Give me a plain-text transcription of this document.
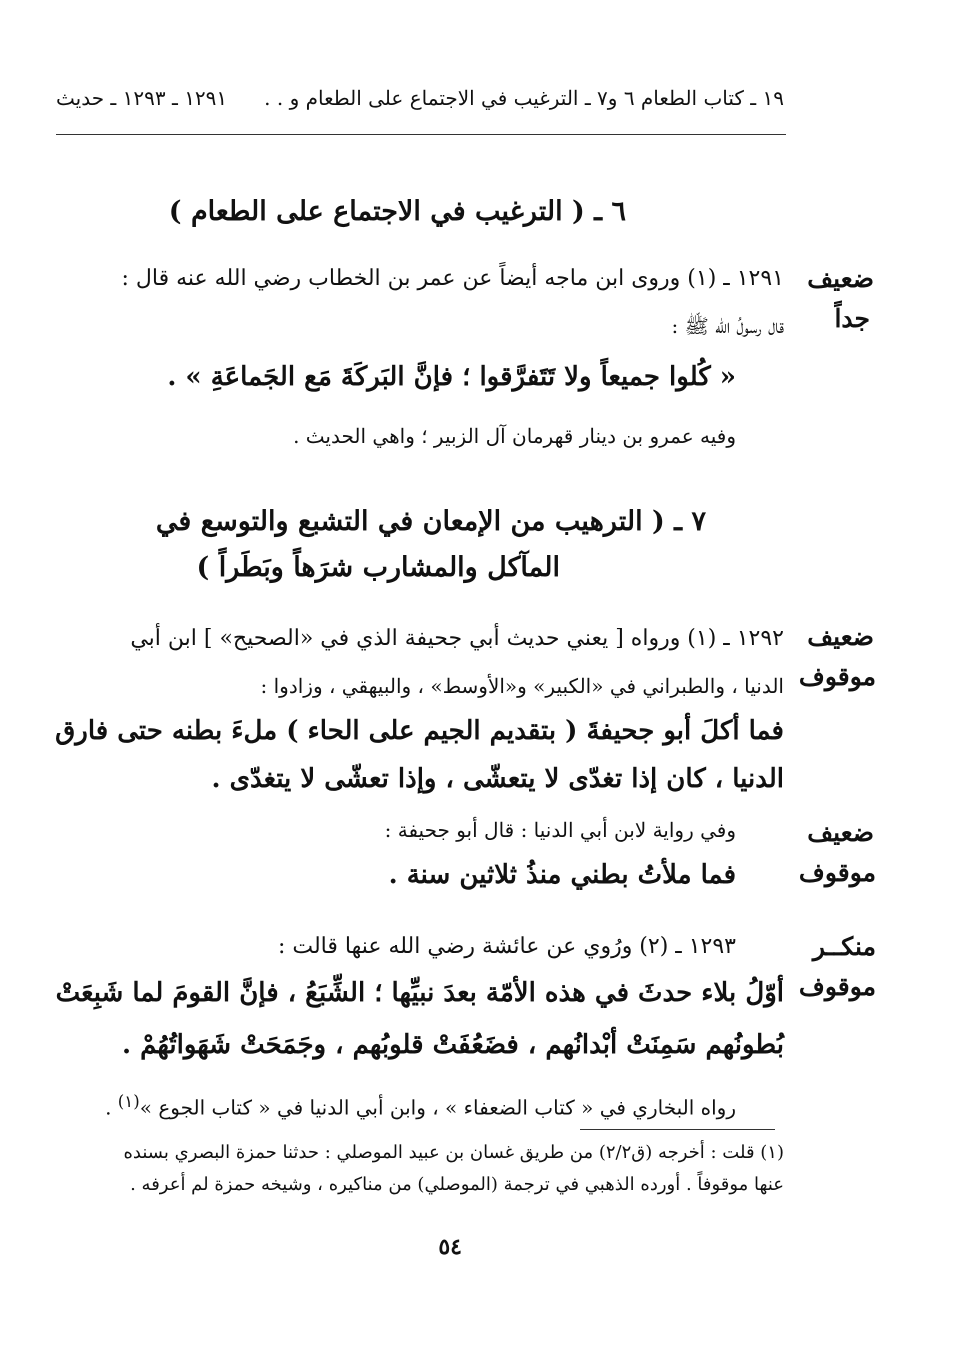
١٩ ـ كتاب الطعام ٦ و٧ ـ الترغيب في الاجتماع على الطعام و . .
١٢٩١ ـ ١٢٩٣ ـ حديث
٦ ـ ( الترغيب في الاجتماع على الطعام )
ضعيف
جداً
١٢٩١ ـ (١) وروى ابن ماجه أيضاً عن عمر بن الخطاب رضي الله عنه قال :
قال رسولُ الله ﷺ :
« كُلوا جميعاً ولا تَتَفرَّقوا ؛ فإنَّ البَركَةَ مَع الجَماعَةِ » .
وفيه عمرو بن دينار قهرمان آل الزبير ؛ واهي الحديث .
٧ ـ ( الترهيب من الإمعان في التشبع والتوسع في
المآكل والمشارب شرَهاً وبَطَراً )
ضعيف
موقوف
١٢٩٢ ـ (١) ورواه [ يعني حديث أبي جحيفة الذي في «الصحيح» ] ابن أبي
الدنيا ، والطبراني في «الكبير» و«الأوسط» ، والبيهقي ، وزادوا :
فما أكلَ أبو جحيفةَ ( بتقديم الجيم على الحاء ) ملءَ بطنه حتى فارق
الدنيا ، كان إذا تغدّى لا يتعشّى ، وإذا تعشّى لا يتغدّى .
ضعيف
موقوف
وفي رواية لابن أبي الدنيا : قال أبو جحيفة :
فما ملأتُ بطني منذُ ثلاثين سنة .
منكــر
موقوف
١٢٩٣ ـ (٢) ورُوي عن عائشة رضي الله عنها قالت :
أوّلُ بلاء حدثَ في هذه الأمّة بعدَ نبيِّها ؛ الشِّبَعُ ، فإنَّ القومَ لما شَبِعَتْ
بُطونُهم سَمِنَتْ أبْدانُهم ، فضَعُفَتْ قلوبُهم ، وجَمَحَتْ شَهَواتُهُمْ .
رواه البخاري في « كتاب الضعفاء » ، وابن أبي الدنيا في « كتاب الجوع »$^{(١)}$ .
(١) قلت : أخرجه (ق٢/٢) من طريق غسان بن عبيد الموصلي : حدثنا حمزة البصري بسنده
عنها موقوفاً . أورده الذهبي في ترجمة (الموصلي) من مناكيره ، وشيخه حمزة لم أعرفه .
٥٤
